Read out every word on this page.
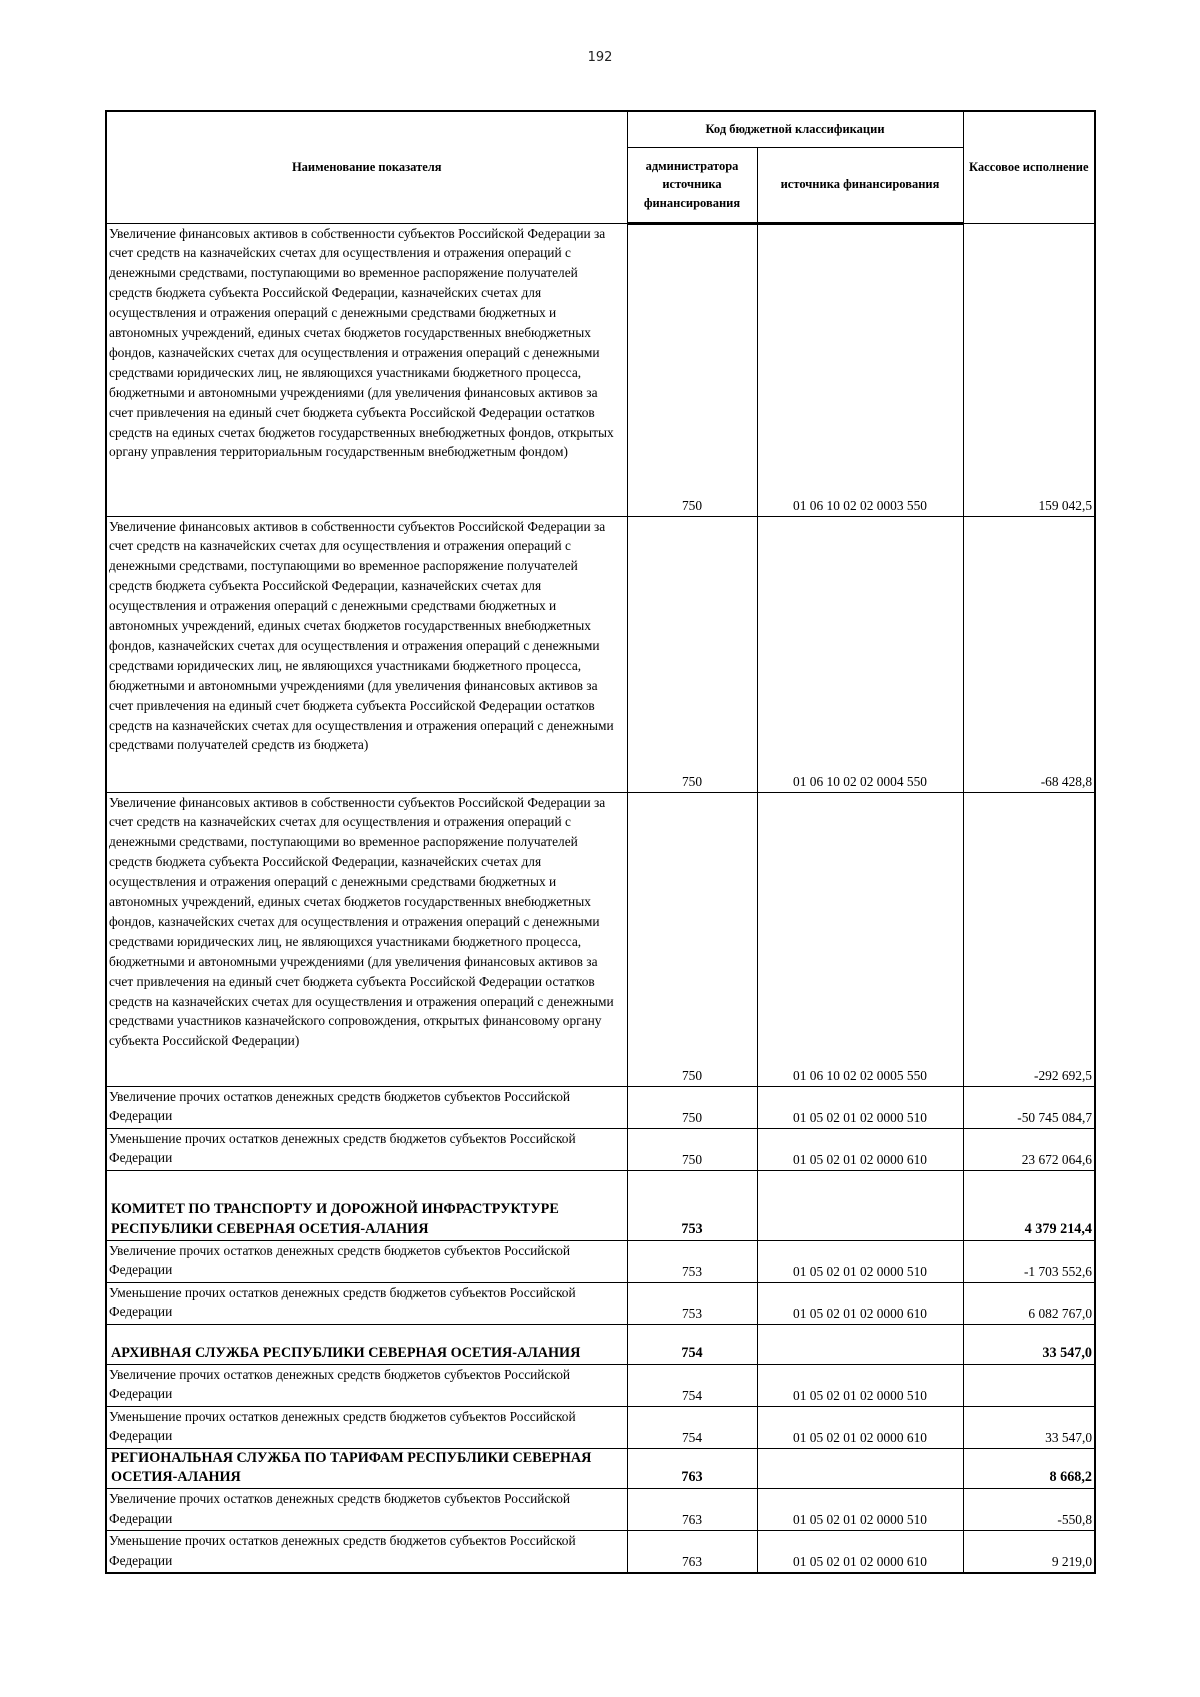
192
Наименование показателя	Код бюджетной классификации		Кассовое исполнение
	администратора источника финансирования	источника финансирования	
Увеличение финансовых активов в собственности субъектов Российской Федерации за счет средств на казначейских счетах для осуществления и отражения операций с денежными средствами, поступающими во временное распоряжение получателей средств бюджета субъекта Российской Федерации, казначейских счетах для осуществления и отражения операций с денежными средствами бюджетных и автономных учреждений, единых счетах бюджетов государственных внебюджетных фондов, казначейских счетах для осуществления и отражения операций с денежными средствами юридических лиц, не являющихся участниками бюджетного процесса, бюджетными и автономными учреждениями (для увеличения финансовых активов за счет привлечения на единый счет бюджета субъекта Российской Федерации остатков средств на единых счетах бюджетов государственных внебюджетных фондов, открытых органу управления территориальным государственным внебюджетным фондом)	750	01 06 10 02 02 0003 550	159 042,5
Увеличение финансовых активов в собственности субъектов Российской Федерации за счет средств на казначейских счетах для осуществления и отражения операций с денежными средствами, поступающими во временное распоряжение получателей средств бюджета субъекта Российской Федерации, казначейских счетах для осуществления и отражения операций с денежными средствами бюджетных и автономных учреждений, единых счетах бюджетов государственных внебюджетных фондов, казначейских счетах для осуществления и отражения операций с денежными средствами юридических лиц, не являющихся участниками бюджетного процесса, бюджетными и автономными учреждениями (для увеличения финансовых активов за счет привлечения на единый счет бюджета субъекта Российской Федерации остатков средств на казначейских счетах для осуществления и отражения операций с денежными средствами получателей средств из бюджета)	750	01 06 10 02 02 0004 550	-68 428,8
Увеличение финансовых активов в собственности субъектов Российской Федерации за счет средств на казначейских счетах для осуществления и отражения операций с денежными средствами, поступающими во временное распоряжение получателей средств бюджета субъекта Российской Федерации, казначейских счетах для осуществления и отражения операций с денежными средствами бюджетных и автономных учреждений, единых счетах бюджетов государственных внебюджетных фондов, казначейских счетах для осуществления и отражения операций с денежными средствами юридических лиц, не являющихся участниками бюджетного процесса, бюджетными и автономными учреждениями (для увеличения финансовых активов за счет привлечения на единый счет бюджета субъекта Российской Федерации остатков средств на казначейских счетах для осуществления и отражения операций с денежными средствами участников казначейского сопровождения, открытых финансовому органу субъекта Российской Федерации)	750	01 06 10 02 02 0005 550	-292 692,5
Увеличение прочих остатков денежных средств бюджетов субъектов Российской Федерации	750	01 05 02 01 02 0000 510	-50 745 084,7
Уменьшение прочих остатков денежных средств бюджетов субъектов Российской Федерации	750	01 05 02 01 02 0000 610	23 672 064,6
КОМИТЕТ ПО ТРАНСПОРТУ И ДОРОЖНОЙ ИНФРАСТРУКТУРЕ РЕСПУБЛИКИ СЕВЕРНАЯ ОСЕТИЯ-АЛАНИЯ	753		4 379 214,4
Увеличение прочих остатков денежных средств бюджетов субъектов Российской Федерации	753	01 05 02 01 02 0000 510	-1 703 552,6
Уменьшение прочих остатков денежных средств бюджетов субъектов Российской Федерации	753	01 05 02 01 02 0000 610	6 082 767,0
АРХИВНАЯ СЛУЖБА РЕСПУБЛИКИ СЕВЕРНАЯ ОСЕТИЯ-АЛАНИЯ	754		33 547,0
Увеличение прочих остатков денежных средств бюджетов субъектов Российской Федерации	754	01 05 02 01 02 0000 510	
Уменьшение прочих остатков денежных средств бюджетов субъектов Российской Федерации	754	01 05 02 01 02 0000 610	33 547,0
РЕГИОНАЛЬНАЯ СЛУЖБА ПО ТАРИФАМ РЕСПУБЛИКИ СЕВЕРНАЯ ОСЕТИЯ-АЛАНИЯ	763		8 668,2
Увеличение прочих остатков денежных средств бюджетов субъектов Российской Федерации	763	01 05 02 01 02 0000 510	-550,8
Уменьшение прочих остатков денежных средств бюджетов субъектов Российской Федерации	763	01 05 02 01 02 0000 610	9 219,0
